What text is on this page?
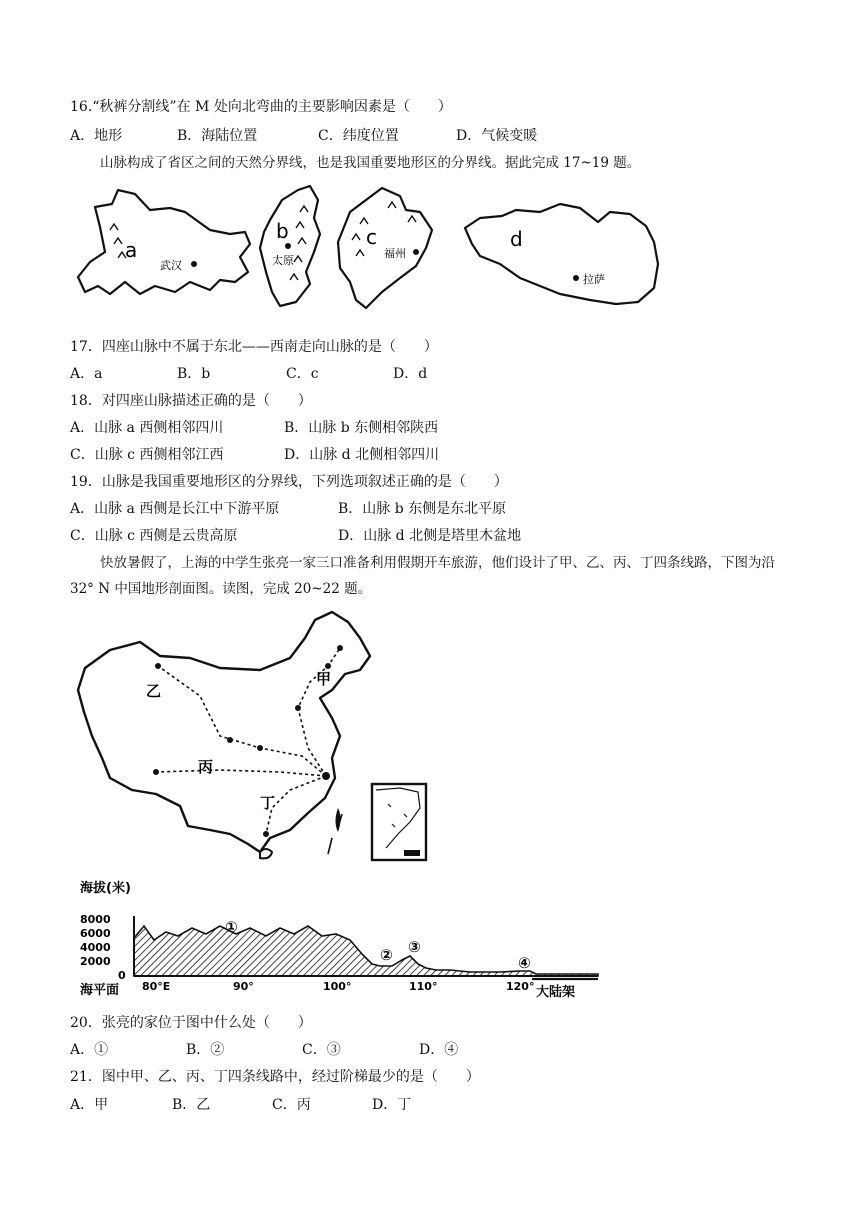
16.“秋裤分割线”在 M 处向北弯曲的主要影响因素是（　　）
A．地形	B．海陆位置	C．纬度位置	D．气候变暖
山脉构成了省区之间的天然分界线，也是我国重要地形区的分界线。据此完成 17~19 题。
a
b	c	d
武汉	太原
福州
拉萨
17．四座山脉中不属于东北——西南走向山脉的是（　　）
A．a	B．b	C．c	D．d
18．对四座山脉描述正确的是（　　）
A．山脉 a 西侧相邻四川	B．山脉 b 东侧相邻陕西
C．山脉 c 西侧相邻江西	D．山脉 d 北侧相邻四川
19．山脉是我国重要地形区的分界线，下列选项叙述正确的是（　　）
A．山脉 a 西侧是长江中下游平原	B．山脉 b 东侧是东北平原
C．山脉 c 西侧是云贵高原	D．山脉 d 北侧是塔里木盆地
快放暑假了，上海的中学生张亮一家三口准备利用假期开车旅游，他们设计了甲、乙、丙、丁四条线路，下图为沿 32° N 中国地形剖面图。读图，完成 20~22 题。
甲
乙
丙
丁
海拔(米)
8000
6000
4000
2000
0
①
② ③
④
海平面 80°E	90°	100°	110°	120° 大陆架
20．张亮的家位于图中什么处（　　）
A．①	B．②	C．③	D．④
21．图中甲、乙、丙、丁四条线路中，经过阶梯最少的是（　　）
A．甲	B．乙	C．丙	D．丁
